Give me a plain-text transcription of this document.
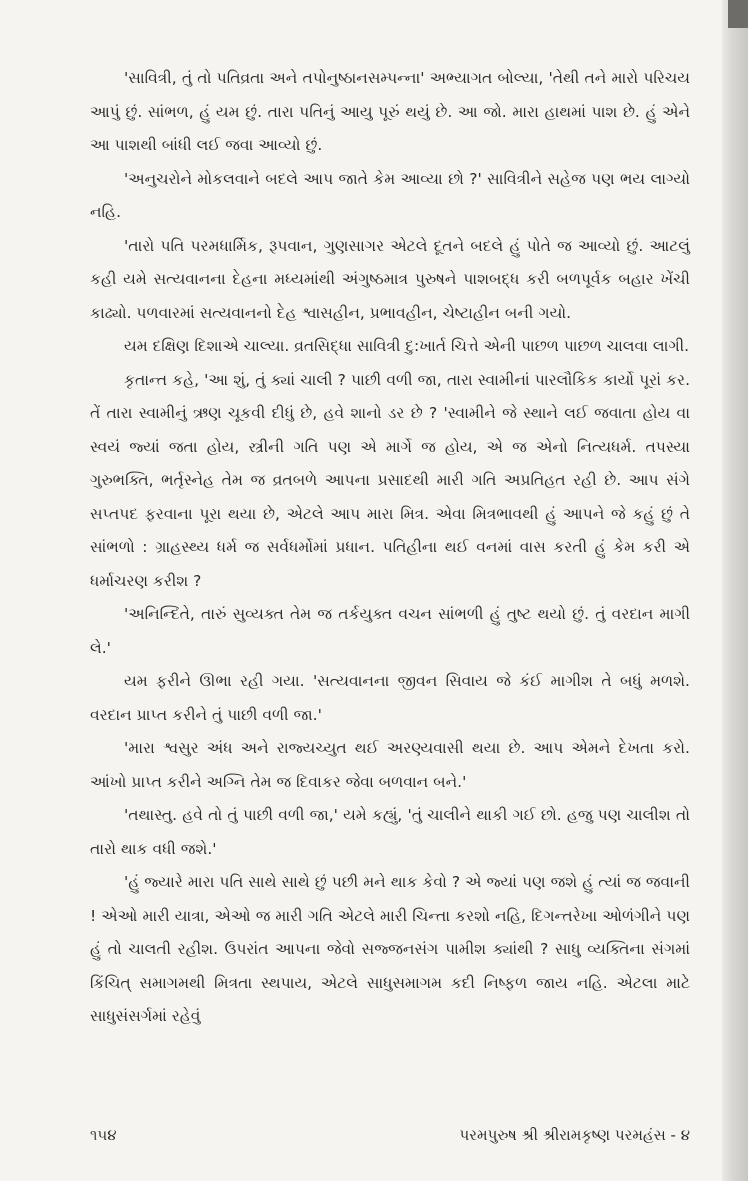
'સાવિત્રી, તું તો પતિવ્રતા અને તપોનુષ્ઠાનસમ્પન્ના' અભ્યાગત બોલ્યા, 'તેથી તને મારો પરિચય આપું છું. સાંભળ, હું યમ છું. તારા પતિનું આયુ પૂરું થયું છે. આ જો. મારા હાથમાં પાશ છે. હું એને આ પાશથી બાંધી લઈ જવા આવ્યો છું.

'અનુચરોને મોકલવાને બદલે આપ જાતે કેમ આવ્યા છો ?' સાવિત્રીને સહેજ પણ ભય લાગ્યો નહિ.

'તારો પતિ પરમધાર્મિક, રૂપવાન, ગુણસાગર એટલે દૂતને બદલે હું પોતે જ આવ્યો છું. આટલું કહી યમે સત્યવાનના દેહના મધ્યમાંથી અંગુષ્ઠમાત્ર પુરુષને પાશબદ્ધ કરી બળપૂર્વક બહાર ખેંચી કાઢ્યો. પળવારમાં સત્યવાનનો દેહ શ્વાસહીન, પ્રભાવહીન, ચેષ્ટાહીન બની ગયો.

યમ દક્ષિણ દિશાએ ચાલ્યા. વ્રતસિદ્ધા સાવિત્રી દુ:ખાર્ત ચિત્તે એની પાછળ પાછળ ચાલવા લાગી.

કૃતાન્ત કહે, 'આ શું, તું ક્યાં ચાલી ? પાછી વળી જા, તારા સ્વામીનાં પારલૌકિક કાર્યો પૂરાં કર. તેં તારા સ્વામીનું ઋણ ચૂકવી દીધું છે, હવે શાનો ડર છે ? 'સ્વામીને જે સ્થાને લઈ જવાતા હોય વા સ્વયં જ્યાં જતા હોય, સ્ત્રીની ગતિ પણ એ માર્ગે જ હોય, એ જ એનો નિત્યધર્મ. તપસ્યા ગુરુભક્તિ, ભર્તૃસ્નેહ તેમ જ વ્રતબળે આપના પ્રસાદથી મારી ગતિ અપ્રતિહત રહી છે. આપ સંગે સપ્તપદ ફરવાના પૂરા થયા છે, એટલે આપ મારા મિત્ર. એવા મિત્રભાવથી હું આપને જે કહું છું તે સાંભળો : ગ્રાહસ્થ્ય ધર્મ જ સર્વધર્મોમાં પ્રધાન. પતિહીના થઈ વનમાં વાસ કરતી હું કેમ કરી એ ધર્માચરણ કરીશ ?

'અનિન્દિતે, તારું સુવ્યક્ત તેમ જ તર્કયુક્ત વચન સાંભળી હું તુષ્ટ થયો છું. તું વરદાન માગી લે.'

યમ ફરીને ઊભા રહી ગયા. 'સત્યવાનના જીવન સિવાય જે કંઈ માગીશ તે બધું મળશે. વરદાન પ્રાપ્ત કરીને તું પાછી વળી જા.'

'મારા શ્વસુર અંધ અને રાજ્યચ્યુત થઈ અરણ્યવાસી થયા છે. આપ એમને દેખતા કરો. આંખો પ્રાપ્ત કરીને અગ્નિ તેમ જ દિવાકર જેવા બળવાન બને.'

'તથાસ્તુ. હવે તો તું પાછી વળી જા,' યમે કહ્યું, 'તું ચાલીને થાકી ગઈ છો. હજુ પણ ચાલીશ તો તારો થાક વધી જશે.'

'હું જ્યારે મારા પતિ સાથે સાથે છું પછી મને થાક કેવો ? એ જ્યાં પણ જશે હું ત્યાં જ જવાની ! એઓ મારી યાત્રા, એઓ જ મારી ગતિ એટલે મારી ચિન્તા કરશો નહિ, દિગન્તરેખા ઓળંગીને પણ હું તો ચાલતી રહીશ. ઉપરાંત આપના જેવો સજ્જનસંગ પામીશ ક્યાંથી ? સાધુ વ્યક્તિના સંગમાં કિંચિત્ સમાગમથી મિત્રતા સ્થપાય, એટલે સાધુસમાગમ કદી નિષ્ફળ જાય નહિ. એટલા માટે સાધુસંસર્ગમાં રહેવું

૧૫૪	પરમપુરુષ શ્રી શ્રીરામકૃષ્ણ પરમહંસ - ૪
